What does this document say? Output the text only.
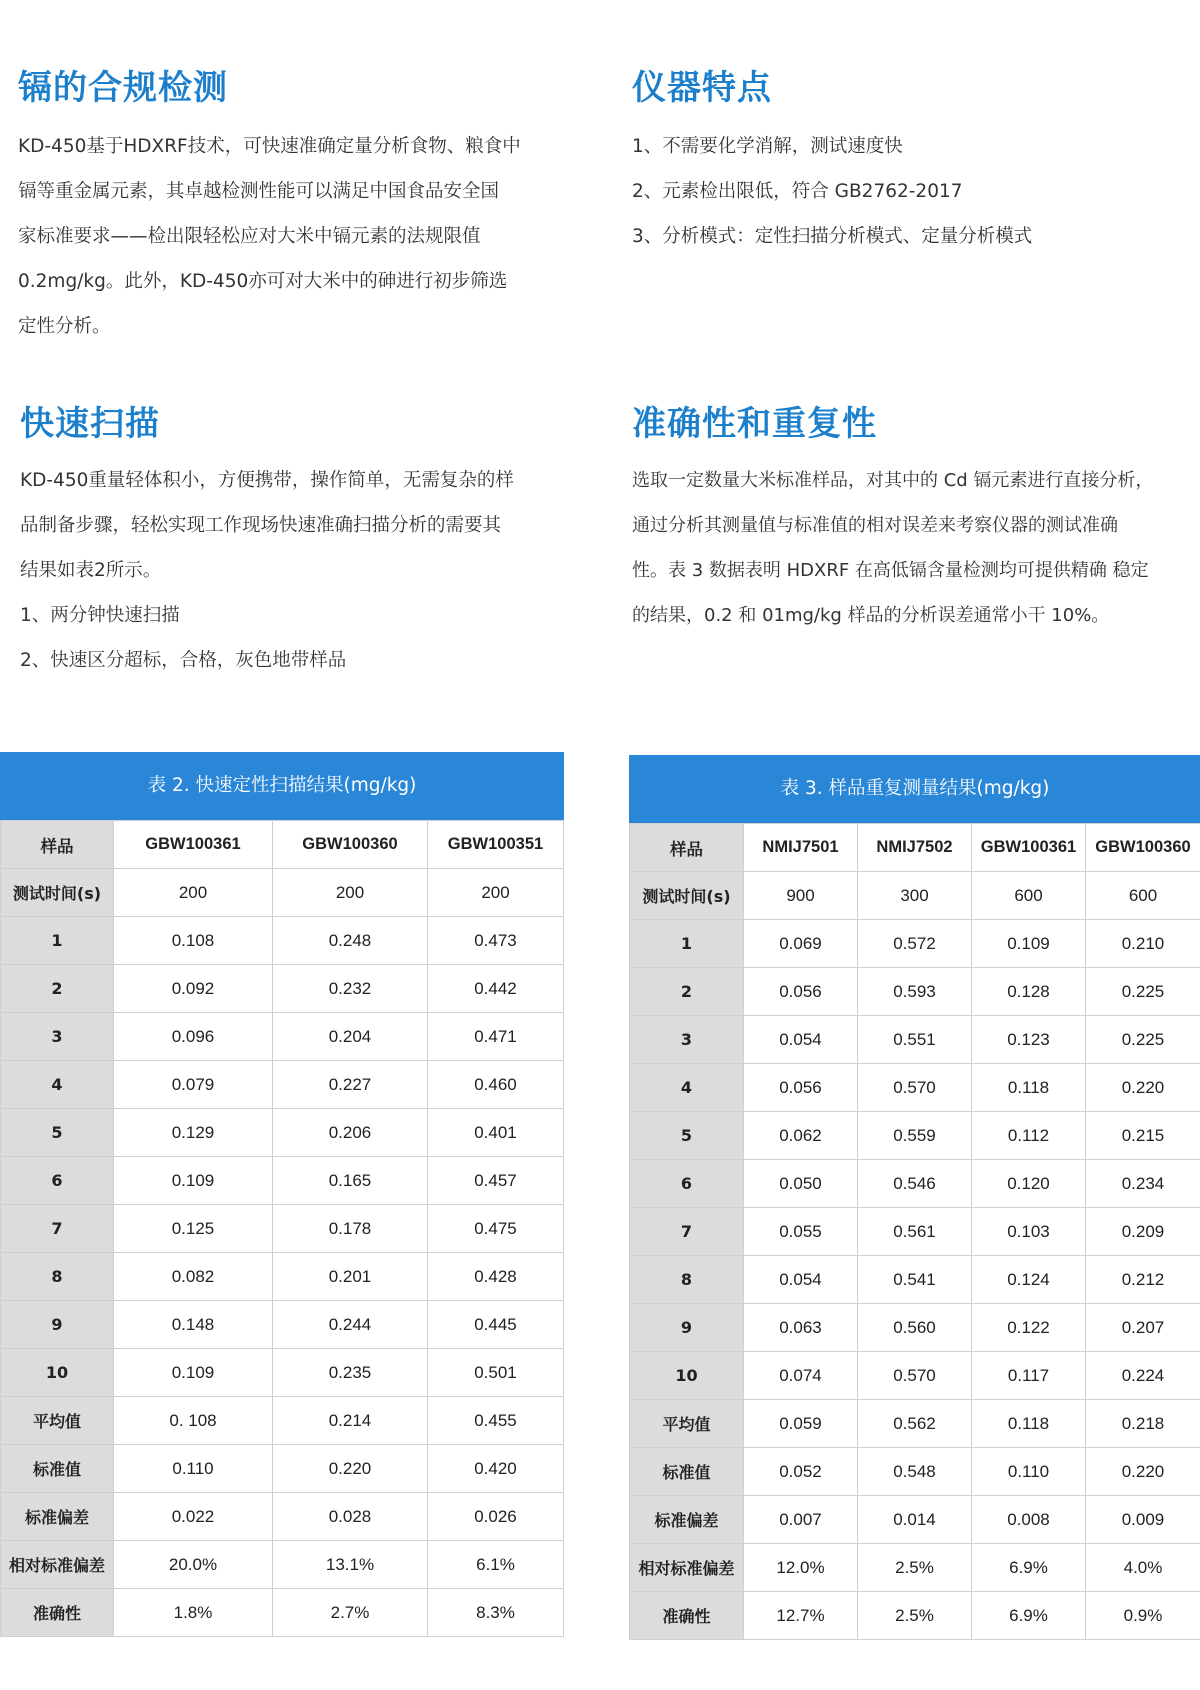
镉的合规检测

KD-450基于HDXRF技术，可快速准确定量分析食物、粮食中

镉等重金属元素，其卓越检测性能可以满足中国食品安全国

家标准要求——检出限轻松应对大米中镉元素的法规限值

0.2mg/kg。此外，KD-450亦可对大米中的砷进行初步筛选

定性分析。

仪器特点

1、不需要化学消解，测试速度快

2、元素检出限低，符合 GB2762-2017

3、分析模式：定性扫描分析模式、定量分析模式

快速扫描

KD-450重量轻体积小，方便携带，操作简单，无需复杂的样

品制备步骤，轻松实现工作现场快速准确扫描分析的需要其

结果如表2所示。

1、两分钟快速扫描

2、快速区分超标，合格，灰色地带样品

准确性和重复性

选取一定数量大米标准样品，对其中的 Cd 镉元素进行直接分析，

通过分析其测量值与标准值的相对误差来考察仪器的测试准确

性。表 3 数据表明 HDXRF 在高低镉含量检测均可提供精确 稳定

的结果，0.2 和 01mg/kg 样品的分析误差通常小干 10%。

表 2. 快速定性扫描结果(mg/kg)
样品	GBW100361	GBW100360	GBW100351
测试时间(s)	200	200	200
1	0.108	0.248	0.473
2	0.092	0.232	0.442
3	0.096	0.204	0.471
4	0.079	0.227	0.460
5	0.129	0.206	0.401
6	0.109	0.165	0.457
7	0.125	0.178	0.475
8	0.082	0.201	0.428
9	0.148	0.244	0.445
10	0.109	0.235	0.501
平均值	0. 108	0.214	0.455
标准值	0.110	0.220	0.420
标准偏差	0.022	0.028	0.026
相对标准偏差	20.0%	13.1%	6.1%
准确性	1.8%	2.7%	8.3%
表 3. 样品重复测量结果(mg/kg)
样品	NMIJ7501	NMIJ7502	GBW100361	GBW100360
测试时间(s)	900	300	600	600
1	0.069	0.572	0.109	0.210
2	0.056	0.593	0.128	0.225
3	0.054	0.551	0.123	0.225
4	0.056	0.570	0.118	0.220
5	0.062	0.559	0.112	0.215
6	0.050	0.546	0.120	0.234
7	0.055	0.561	0.103	0.209
8	0.054	0.541	0.124	0.212
9	0.063	0.560	0.122	0.207
10	0.074	0.570	0.117	0.224
平均值	0.059	0.562	0.118	0.218
标准值	0.052	0.548	0.110	0.220
标准偏差	0.007	0.014	0.008	0.009
相对标准偏差	12.0%	2.5%	6.9%	4.0%
准确性	12.7%	2.5%	6.9%	0.9%
